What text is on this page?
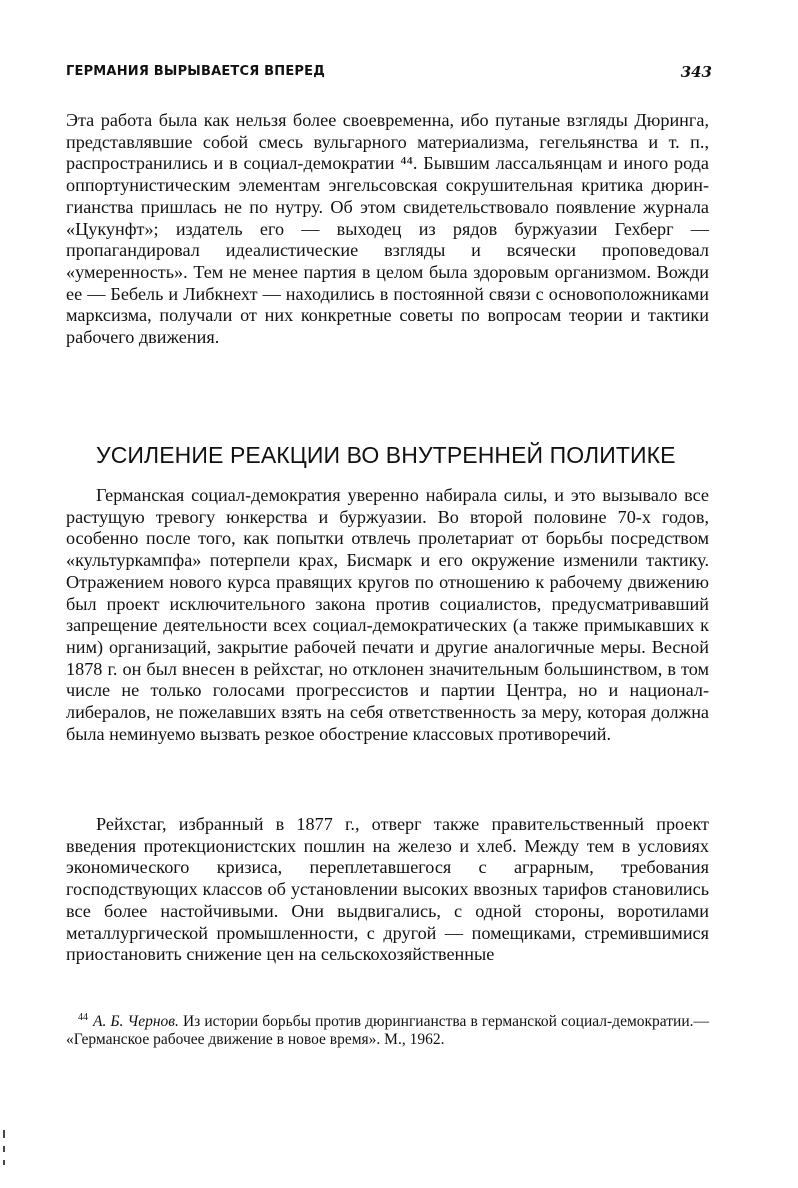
ГЕРМАНИЯ ВЫРЫВАЕТСЯ ВПЕРЕД	343

Эта работа была как нельзя более своевременна, ибо путаные взгляды Дюринга, представлявшие собой смесь вульгарного материализма, гегельянства и т. п., распространились и в социал-демократии ⁴⁴. Бывшим лассальянцам и иного рода оппортунистическим элементам энгельсовская сокрушительная критика дюрингианства пришлась не по нутру. Об этом свидетельствовало появление журнала «Цукунфт»; издатель его — выходец из рядов буржуазии Гехберг — пропагандировал идеалистические взгляды и всячески проповедовал «умеренность». Тем не менее партия в целом была здоровым организмом. Вожди ее — Бебель и Либкнехт — находились в постоянной связи с основоположниками марксизма, получали от них конкретные советы по вопросам теории и тактики рабочего движения.

УСИЛЕНИЕ РЕАКЦИИ ВО ВНУТРЕННЕЙ ПОЛИТИКЕ

Германская социал-демократия уверенно набирала силы, и это вызывало все растущую тревогу юнкерства и буржуазии. Во второй половине 70-х годов, особенно после того, как попытки отвлечь пролетариат от борьбы посредством «культуркампфа» потерпели крах, Бисмарк и его окружение изменили тактику. Отражением нового курса правящих кругов по отношению к рабочему движению был проект исключительного закона против социалистов, предусматривавший запрещение деятельности всех социал-демократических (а также примыкавших к ним) организаций, закрытие рабочей печати и другие аналогичные меры. Весной 1878 г. он был внесен в рейхстаг, но отклонен значительным большинством, в том числе не только голосами прогрессистов и партии Центра, но и национал-либералов, не пожелавших взять на себя ответственность за меру, которая должна была неминуемо вызвать резкое обострение классовых противоречий.

Рейхстаг, избранный в 1877 г., отверг также правительственный проект введения протекционистских пошлин на железо и хлеб. Между тем в условиях экономического кризиса, переплетавшегося с аграрным, требования господствующих классов об установлении высоких ввозных тарифов становились все более настойчивыми. Они выдвигались, с одной стороны, воротилами металлургической промышленности, с другой — помещиками, стремившимися приостановить снижение цен на сельскохозяйственные

$^{44}$ А. Б. Чернов. Из истории борьбы против дюрингианства в германской социал-демократии.— «Германское рабочее движение в новое время». М., 1962.
